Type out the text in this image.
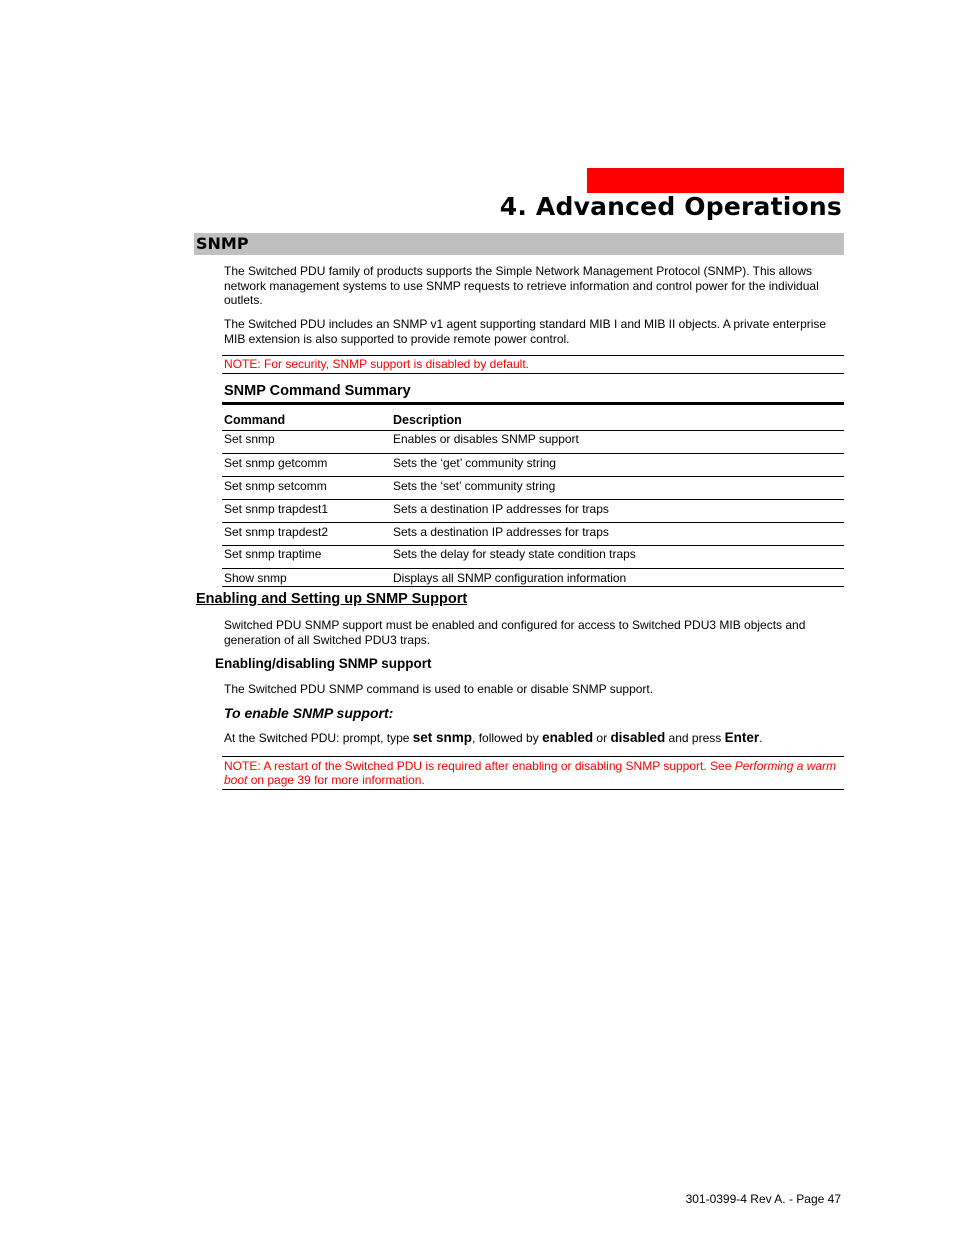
4. Advanced Operations
SNMP
The Switched PDU family of products supports the Simple Network Management Protocol (SNMP). This allows network management systems to use SNMP requests to retrieve information and control power for the individual outlets.
The Switched PDU includes an SNMP v1 agent supporting standard MIB I and MIB II objects. A private enterprise MIB extension is also supported to provide remote power control.
NOTE: For security, SNMP support is disabled by default.
SNMP Command Summary
Command	Description
Set snmp	Enables or disables SNMP support
Set snmp getcomm	Sets the ‘get’ community string
Set snmp setcomm	Sets the ‘set’ community string
Set snmp trapdest1	Sets a destination IP addresses for traps
Set snmp trapdest2	Sets a destination IP addresses for traps
Set snmp traptime	Sets the delay for steady state condition traps
Show snmp	Displays all SNMP configuration information
Enabling and Setting up SNMP Support
Switched PDU SNMP support must be enabled and configured for access to Switched PDU3 MIB objects and generation of all Switched PDU3 traps.
Enabling/disabling SNMP support
The Switched PDU SNMP command is used to enable or disable SNMP support.
To enable SNMP support:
At the Switched PDU: prompt, type set snmp, followed by enabled or disabled and press Enter.
NOTE: A restart of the Switched PDU is required after enabling or disabling SNMP support. See Performing a warm boot on page 39 for more information.
301-0399-4 Rev A. - Page 47
